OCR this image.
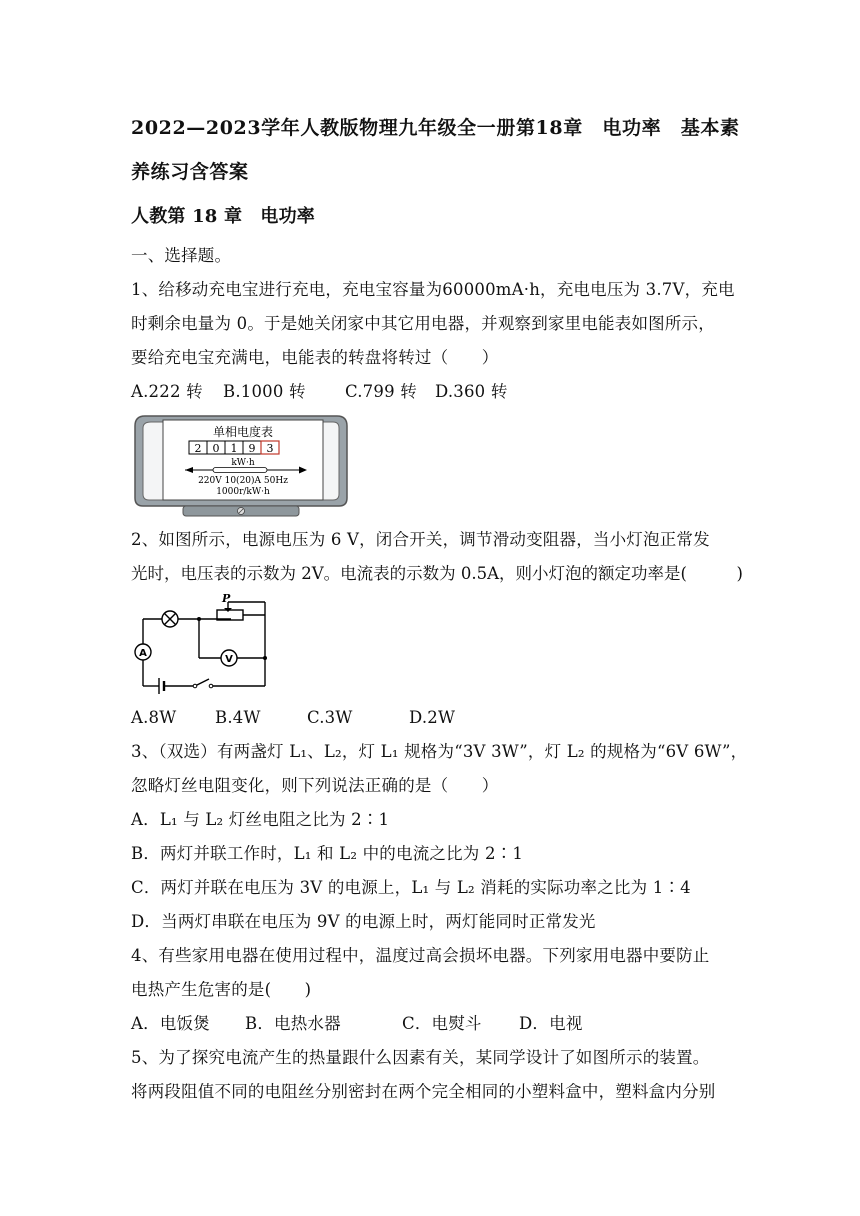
2022—2023学年人教版物理九年级全一册第18章　电功率　基本素
养练习含答案
人教第 18 章　电功率
一、选择题。
1、给移动充电宝进行充电，充电宝容量为60000mA·h，充电电压为 3.7V，充电
时剩余电量为 0。于是她关闭家中其它用电器，并观察到家里电能表如图所示，
要给充电宝充满电，电能表的转盘将转过（　　）
A.222 转 B.1000 转 C.799 转 D.360 转
单相电度表
2 0 1 9 3
kW·h
220V 10(20)A 50Hz
1000r/kW·h
2、如图所示，电源电压为 6 V，闭合开关，调节滑动变阻器，当小灯泡正常发
光时，电压表的示数为 2V。电流表的示数为 0.5A，则小灯泡的额定功率是(　　　)
P
A
V
A.8W B.4W	C.3W	D.2W
3、（双选）有两盏灯 L₁、L₂，灯 L₁ 规格为“3V 3W”，灯 L₂ 的规格为“6V 6W”，
忽略灯丝电阻变化，则下列说法正确的是（　　）
A．L₁ 与 L₂ 灯丝电阻之比为 2∶1
B．两灯并联工作时，L₁ 和 L₂ 中的电流之比为 2∶1
C．两灯并联在电压为 3V 的电源上，L₁ 与 L₂ 消耗的实际功率之比为 1∶4
D．当两灯串联在电压为 9V 的电源上时，两灯能同时正常发光
4、有些家用电器在使用过程中，温度过高会损坏电器。下列家用电器中要防止
电热产生危害的是(　　)
A．电饭煲 B．电热水器	C．电熨斗 D．电视
5、为了探究电流产生的热量跟什么因素有关，某同学设计了如图所示的装置。
将两段阻值不同的电阻丝分别密封在两个完全相同的小塑料盒中，塑料盒内分别
